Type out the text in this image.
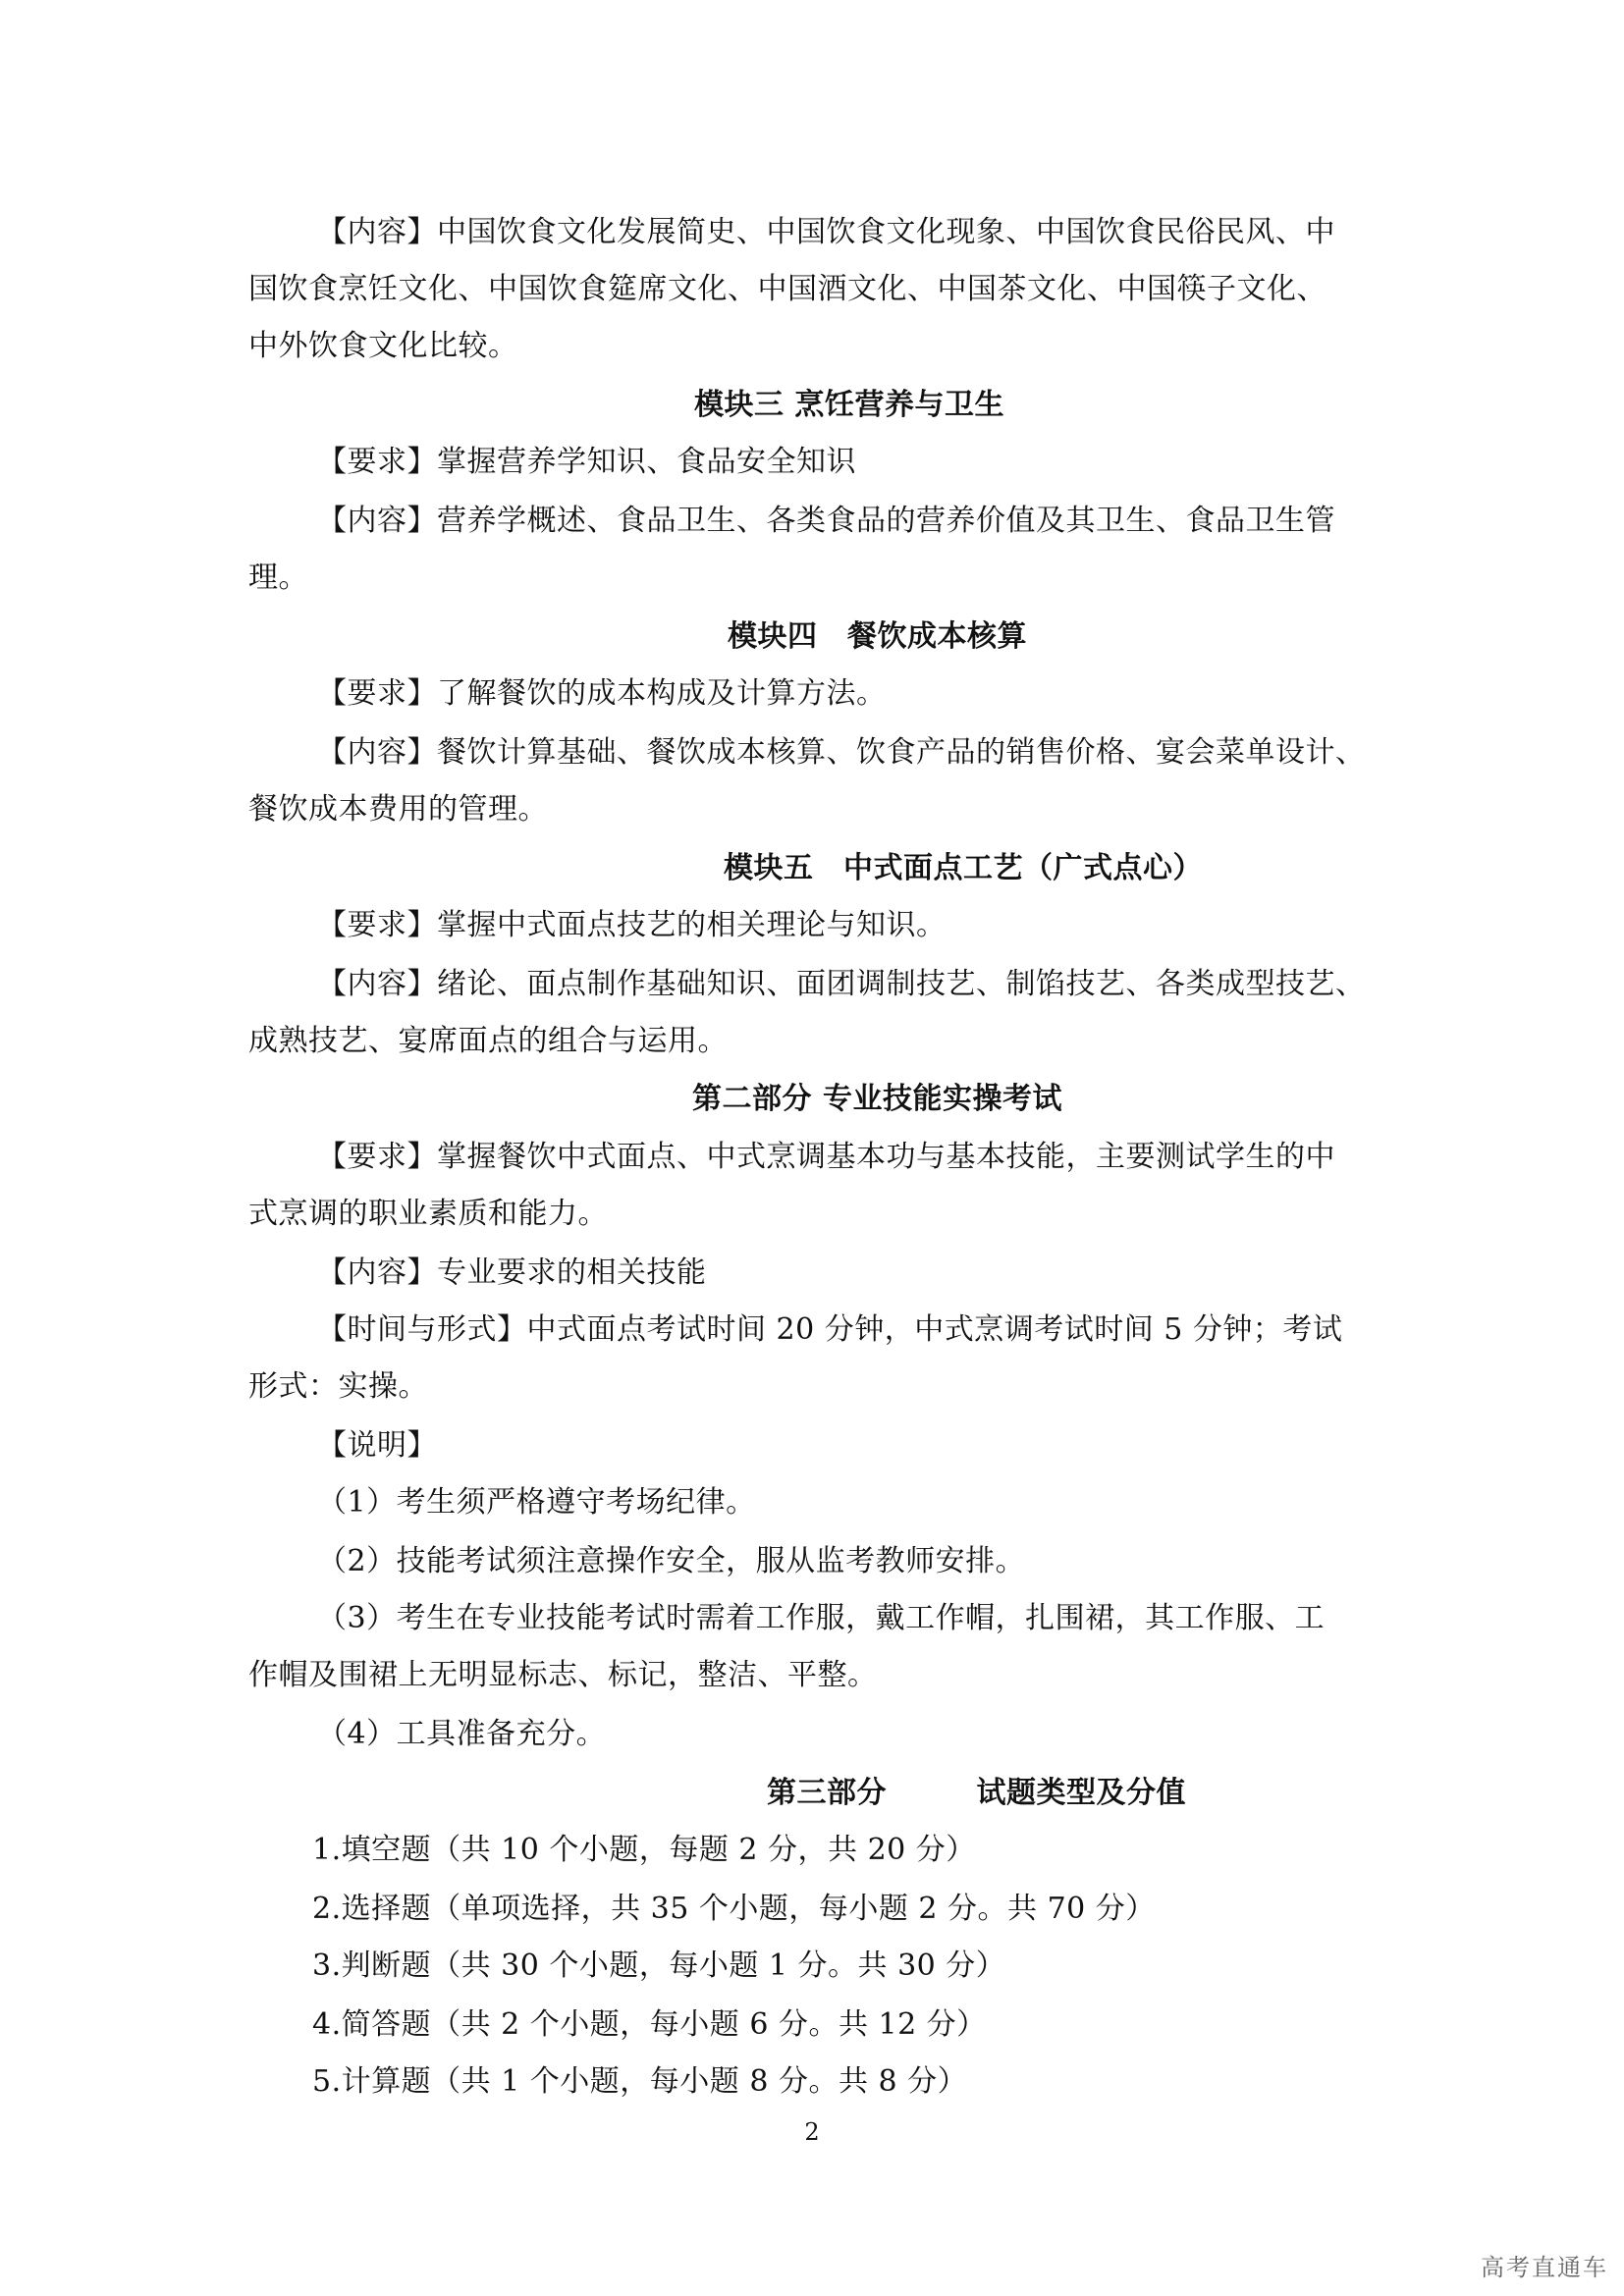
【内容】中国饮食文化发展简史、中国饮食文化现象、中国饮食民俗民风、中
国饮食烹饪文化、中国饮食筵席文化、中国酒文化、中国茶文化、中国筷子文化、
中外饮食文化比较。
模块三 烹饪营养与卫生
【要求】掌握营养学知识、食品安全知识
【内容】营养学概述、食品卫生、各类食品的营养价值及其卫生、食品卫生管
理。
模块四　餐饮成本核算
【要求】了解餐饮的成本构成及计算方法。
【内容】餐饮计算基础、餐饮成本核算、饮食产品的销售价格、宴会菜单设计、
餐饮成本费用的管理。
模块五　中式面点工艺（广式点心）
【要求】掌握中式面点技艺的相关理论与知识。
【内容】绪论、面点制作基础知识、面团调制技艺、制馅技艺、各类成型技艺、
成熟技艺、宴席面点的组合与运用。
第二部分 专业技能实操考试
【要求】掌握餐饮中式面点、中式烹调基本功与基本技能，主要测试学生的中
式烹调的职业素质和能力。
【内容】专业要求的相关技能
【时间与形式】中式面点考试时间 20 分钟，中式烹调考试时间 5 分钟；考试
形式：实操。
【说明】
（1）考生须严格遵守考场纪律。
（2）技能考试须注意操作安全，服从监考教师安排。
（3）考生在专业技能考试时需着工作服，戴工作帽，扎围裙，其工作服、工
作帽及围裙上无明显标志、标记，整洁、平整。
（4）工具准备充分。
第三部分　　　试题类型及分值
1.填空题（共 10 个小题，每题 2 分，共 20 分）
2.选择题（单项选择，共 35 个小题，每小题 2 分。共 70 分）
3.判断题（共 30 个小题，每小题 1 分。共 30 分）
4.简答题（共 2 个小题，每小题 6 分。共 12 分）
5.计算题（共 1 个小题，每小题 8 分。共 8 分）
2
高考直通车
